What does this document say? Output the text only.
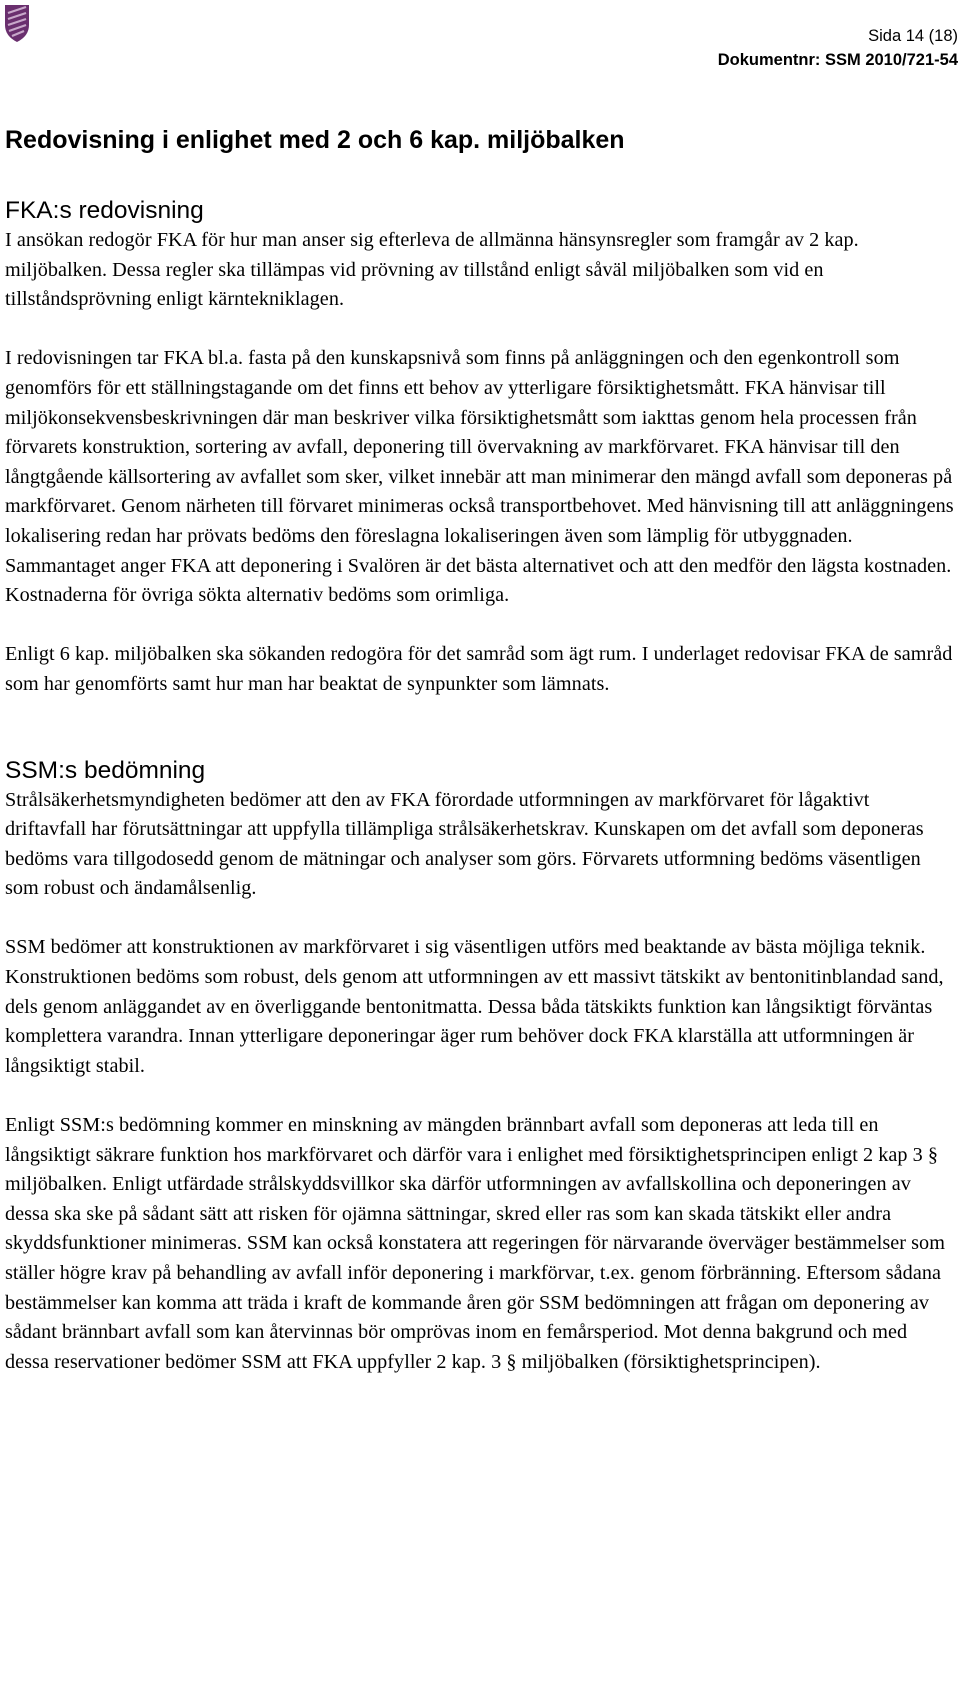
Sida 14 (18)
Dokumentnr: SSM 2010/721-54
Redovisning i enlighet med 2 och 6 kap. miljöbalken
FKA:s redovisning

I ansökan redogör FKA för hur man anser sig efterleva de allmänna hänsynsregler som framgår av 2 kap. miljöbalken. Dessa regler ska tillämpas vid prövning av tillstånd enligt såväl miljöbalken som vid en tillståndsprövning enligt kärntekniklagen.

I redovisningen tar FKA bl.a. fasta på den kunskapsnivå som finns på anläggningen och den egenkontroll som genomförs för ett ställningstagande om det finns ett behov av ytterligare försiktighetsmått. FKA hänvisar till miljökonsekvensbeskrivningen där man beskriver vilka försiktighetsmått som iakttas genom hela processen från förvarets konstruktion, sortering av avfall, deponering till övervakning av markförvaret. FKA hänvisar till den långtgående källsortering av avfallet som sker, vilket innebär att man minimerar den mängd avfall som deponeras på markförvaret. Genom närheten till förvaret minimeras också transportbehovet. Med hänvisning till att anläggningens lokalisering redan har prövats bedöms den föreslagna lokaliseringen även som lämplig för utbyggnaden. Sammantaget anger FKA att deponering i Svalören är det bästa alternativet och att den medför den lägsta kostnaden. Kostnaderna för övriga sökta alternativ bedöms som orimliga.

Enligt 6 kap. miljöbalken ska sökanden redogöra för det samråd som ägt rum. I underlaget redovisar FKA de samråd som har genomförts samt hur man har beaktat de synpunkter som lämnats.

SSM:s bedömning

Strålsäkerhetsmyndigheten bedömer att den av FKA förordade utformningen av markförvaret för lågaktivt driftavfall har förutsättningar att uppfylla tillämpliga strålsäkerhetskrav. Kunskapen om det avfall som deponeras bedöms vara tillgodosedd genom de mätningar och analyser som görs. Förvarets utformning bedöms väsentligen som robust och ändamålsenlig.

SSM bedömer att konstruktionen av markförvaret i sig väsentligen utförs med beaktande av bästa möjliga teknik. Konstruktionen bedöms som robust, dels genom att utformningen av ett massivt tätskikt av bentonitinblandad sand, dels genom anläggandet av en överliggande bentonitmatta. Dessa båda tätskikts funktion kan långsiktigt förväntas komplettera varandra. Innan ytterligare deponeringar äger rum behöver dock FKA klarställa att utformningen är långsiktigt stabil.

Enligt SSM:s bedömning kommer en minskning av mängden brännbart avfall som deponeras att leda till en långsiktigt säkrare funktion hos markförvaret och därför vara i enlighet med försiktighetsprincipen enligt 2 kap 3 § miljöbalken. Enligt utfärdade strålskyddsvillkor ska därför utformningen av avfallskollina och deponeringen av dessa ska ske på sådant sätt att risken för ojämna sättningar, skred eller ras som kan skada tätskikt eller andra skyddsfunktioner minimeras. SSM kan också konstatera att regeringen för närvarande överväger bestämmelser som ställer högre krav på behandling av avfall inför deponering i markförvar, t.ex. genom förbränning. Eftersom sådana bestämmelser kan komma att träda i kraft de kommande åren gör SSM bedömningen att frågan om deponering av sådant brännbart avfall som kan återvinnas bör omprövas inom en femårsperiod. Mot denna bakgrund och med dessa reservationer bedömer SSM att FKA uppfyller 2 kap. 3 § miljöbalken (försiktighetsprincipen).
